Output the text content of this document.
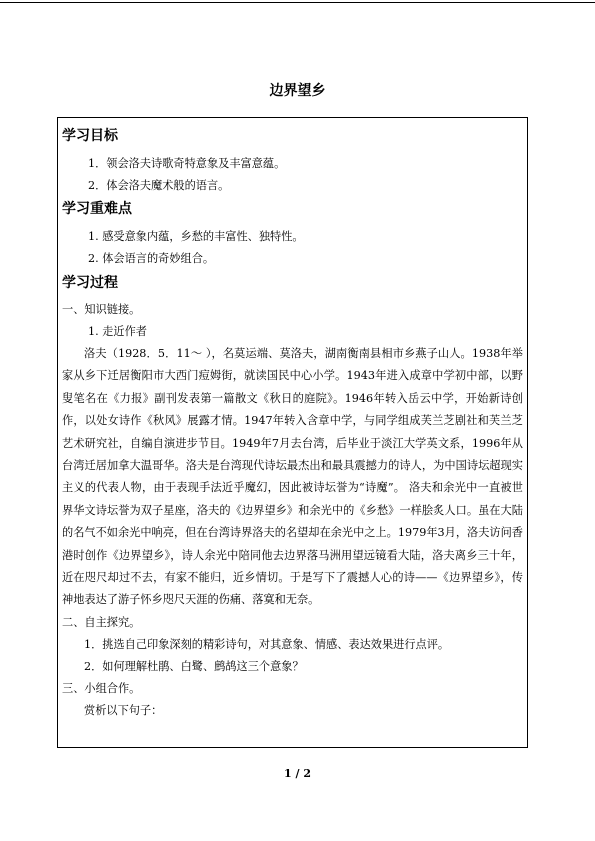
边界望乡
学习目标
1．领会洛夫诗歌奇特意象及丰富意蕴。
2．体会洛夫魔术般的语言。
学习重难点
1. 感受意象内蕴，乡愁的丰富性、独特性。
2. 体会语言的奇妙组合。
学习过程
一、知识链接。
1. 走近作者

洛夫（1928．5．11～ ），名莫运端、莫洛夫，湖南衡南县相市乡燕子山人。1938年举家从乡下迁居衡阳市大西门痘姆街，就读国民中心小学。1943年进入成章中学初中部，以野叟笔名在《力报》副刊发表第一篇散文《秋日的庭院》。1946年转入岳云中学，开始新诗创作，以处女诗作《秋风》展露才情。1947年转入含章中学，与同学组成芙兰芝剧社和芙兰芝艺术研究社，自编自演进步节目。1949年7月去台湾，后毕业于淡江大学英文系，1996年从台湾迁居加拿大温哥华。洛夫是台湾现代诗坛最杰出和最具震撼力的诗人，为中国诗坛超现实主义的代表人物，由于表现手法近乎魔幻，因此被诗坛誉为“诗魔”。 洛夫和余光中一直被世界华文诗坛誉为双子星座，洛夫的《边界望乡》和余光中的《乡愁》一样脍炙人口。虽在大陆的名气不如余光中响亮，但在台湾诗界洛夫的名望却在余光中之上。1979年3月，洛夫访问香港时创作《边界望乡》，诗人余光中陪同他去边界落马洲用望远镜看大陆，洛夫离乡三十年，近在咫尺却过不去，有家不能归，近乡情切。于是写下了震撼人心的诗——《边界望乡》，传神地表达了游子怀乡咫尺天涯的伤痛、落寞和无奈。

二、自主探究。
1．挑选自己印象深刻的精彩诗句，对其意象、情感、表达效果进行点评。
2．如何理解杜鹃、白鹭、鹧鸪这三个意象？
三、小组合作。
赏析以下句子：
1 / 2
